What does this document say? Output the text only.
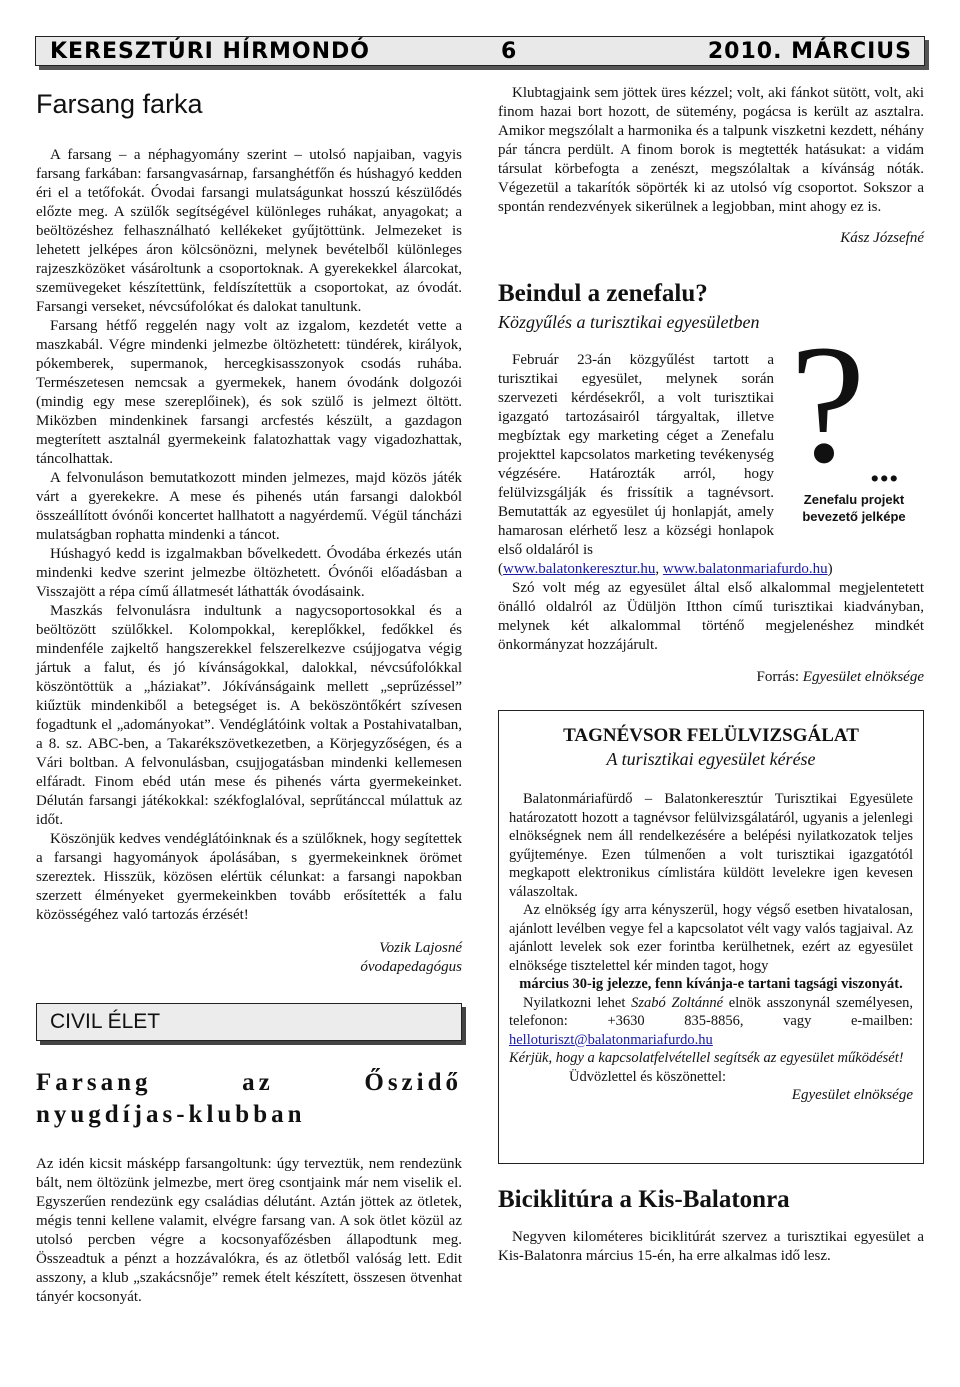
KERESZTÚRI HÍRMONDÓ	6	2010. MÁRCIUS
Farsang farka

A farsang – a néphagyomány szerint – utolsó napjaiban, vagyis farsang farkában: farsangvasárnap, farsanghétfőn és húshagyó kedden éri el a tetőfokát. Óvodai farsangi mulatságunkat hosszú készülődés előzte meg. A szülők segítségével különleges ruhákat, anyagokat; a beöltözéshez felhasználható kellékeket gyűjtöttünk. Jelmezeket is lehetett jelképes áron kölcsönözni, melynek bevételből különleges rajzeszközöket vásároltunk a csoportoknak. A gyerekekkel álarcokat, szemüvegeket készítettünk, feldíszítettük a csoportokat, az óvodát. Farsangi verseket, névcsúfolókat és dalokat tanultunk.

Farsang hétfő reggelén nagy volt az izgalom, kezdetét vette a maszkabál. Végre mindenki jelmezbe öltözhetett: tündérek, királyok, pókemberek, supermanok, hercegkisasszonyok csodás ruhába. Természetesen nemcsak a gyermekek, hanem óvodánk dolgozói (mindig egy mese szereplőinek), és sok szülő is jelmezt öltött. Miközben mindenkinek farsangi arcfestés készült, a gazdagon megterített asztalnál gyermekeink falatozhattak vagy vigadozhattak, táncolhattak.

A felvonuláson bemutatkozott minden jelmezes, majd közös játék várt a gyerekekre. A mese és pihenés után farsangi dalokból összeállított óvónői koncertet hallhatott a nagyérdemű. Végül táncházi mulatságban rophatta mindenki a táncot.

Húshagyó kedd is izgalmakban bővelkedett. Óvodába érkezés után mindenki kedve szerint jelmezbe öltözhetett. Óvónői előadásban a Visszajött a répa című állatmesét láthatták óvodásaink.

Maszkás felvonulásra indultunk a nagycsoportosokkal és a beöltözött szülőkkel. Kolompokkal, kereplőkkel, fedőkkel és mindenféle zajkeltő hangszerekkel felszerelkezve csújjogatva végig jártuk a falut, és jó kívánságokkal, dalokkal, névcsúfolókkal köszöntöttük a „háziakat”. Jókívánságaink mellett „seprűzéssel” kiűztük mindenkiből a betegséget is. A beköszöntőkért szívesen fogadtunk el „adományokat”. Vendéglátóink voltak a Postahivatalban, a 8. sz. ABC-ben, a Takarékszövetkezetben, a Körjegyzőségen, és a Vári boltban. A felvonulásban, csujjogatásban mindenki kellemesen elfáradt. Finom ebéd után mese és pihenés várta gyermekeinket. Délután farsangi játékokkal: székfoglalóval, seprűtánccal múlattuk az időt.

Köszönjük kedves vendéglátóinknak és a szülőknek, hogy segítettek a farsangi hagyományok ápolásában, s gyermekeinknek örömet szereztek. Hisszük, közösen elértük célunkat: a farsangi napokban szerzett élményeket gyermekeinkben tovább erősítették a falu közösségéhez való tartozás érzését!

Vozik Lajosné
óvodapedagógus
CIVIL ÉLET
Farsang az Őszidő nyugdíjas-klubban

Az idén kicsit másképp farsangoltunk: úgy terveztük, nem rendezünk bált, nem öltözünk jelmezbe, mert öreg csontjaink már nem viselik el. Egyszerűen rendezünk egy családias délutánt. Aztán jöttek az ötletek, mégis tenni kellene valamit, elvégre farsang van. A sok ötlet közül az utolsó percben végre a kocsonyafőzésben állapodtunk meg. Összeadtuk a pénzt a hozzávalókra, és az ötletből valóság lett. Edit asszony, a klub „szakácsnője” remek ételt készített, összesen ötvenhat tányér kocsonyát.

Klubtagjaink sem jöttek üres kézzel; volt, aki fánkot sütött, volt, aki finom hazai bort hozott, de sütemény, pogácsa is került az asztalra. Amikor megszólalt a harmonika és a talpunk viszketni kezdett, néhány pár táncra perdült. A finom borok is megtették hatásukat: a vidám társulat körbefogta a zenészt, megszólaltak a kívánság nóták. Végezetül a takarítók söpörték ki az utolsó víg csoportot. Sokszor a spontán rendezvények sikerülnek a legjobban, mint ahogy ez is.

Kász Józsefné
Beindul a zenefalu?
Közgyűlés a turisztikai egyesületben ? ...
Zenefalu projekt bevezető jelképe

Február 23-án közgyűlést tartott a turisztikai egyesület, melynek során szervezeti kérdésekről, a volt turisztikai igazgató tartozásairól tárgyaltak, illetve megbíztak egy marketing céget a Zenefalu projekttel kapcsolatos marketing tevékenység végzésére. Határozták arról, hogy felülvizsgálják és frissítik a tagnévsort. Bemutatták az egyesület új honlapját, amely hamarosan elérhető lesz a községi honlapok első oldaláról is

(www.balatonkeresztur.hu, www.balatonmariafurdo.hu)

Szó volt még az egyesület által első alkalommal megjelentetett önálló oldalról az Üdüljön Itthon című turisztikai kiadványban, melynek két alkalommal történő megjelenéshez mindkét önkormányzat hozzájárult.

Forrás: Egyesület elnöksége
TAGNÉVSOR FELÜLVIZSGÁLAT
A turisztikai egyesület kérése

Balatonmáriafürdő – Balatonkeresztúr Turisztikai Egyesülete határozatott hozott a tagnévsor felülvizsgálatáról, ugyanis a jelenlegi elnökségnek nem áll rendelkezésére a belépési nyilatkozatok teljes gyűjteménye. Ezen túlmenően a volt turisztikai igazgatótól megkapott elektronikus címlistára küldött levelekre igen kevesen válaszoltak.

Az elnökség így arra kényszerül, hogy végső esetben hivatalosan, ajánlott levélben vegye fel a kapcsolatot vélt vagy valós tagjaival. Az ajánlott levelek sok ezer forintba kerülhetnek, ezért az egyesület elnöksége tisztelettel kér minden tagot, hogy

március 30-ig jelezze, fenn kívánja-e tartani tagsági viszonyát.

Nyilatkozni lehet Szabó Zoltánné elnök asszonynál személyesen, telefonon: +3630 835-8856, vagy e-mailben: helloturiszt@balatonmariafurdo.hu

Kérjük, hogy a kapcsolatfelvétellel segítsék az egyesület működését!

Üdvözlettel és köszönettel:

Egyesület elnöksége
Biciklitúra a Kis-Balatonra

Negyven kilométeres biciklitúrát szervez a turisztikai egyesület a Kis-Balatonra március 15-én, ha erre alkalmas idő lesz.
